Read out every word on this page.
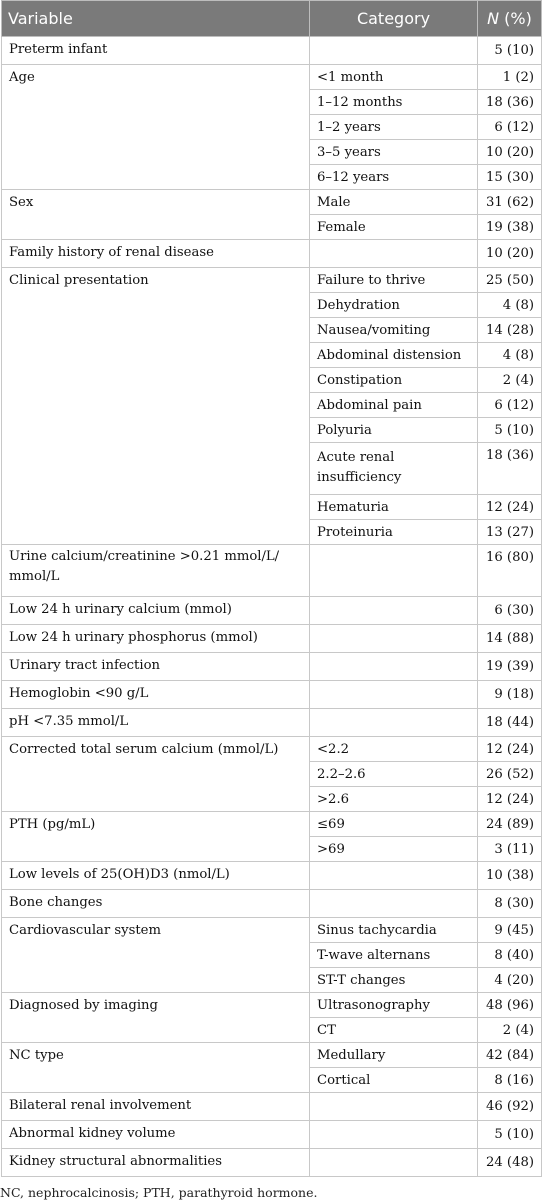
Variable	Category	N (%)
Preterm infant		5 (10)
Age	<1 month	1 (2)
	1–12 months	18 (36)
	1–2 years	6 (12)
	3–5 years	10 (20)
	6–12 years	15 (30)
Sex	Male	31 (62)
	Female	19 (38)
Family history of renal disease		10 (20)
Clinical presentation	Failure to thrive	25 (50)
	Dehydration	4 (8)
	Nausea/vomiting	14 (28)
	Abdominal distension	4 (8)
	Constipation	2 (4)
	Abdominal pain	6 (12)
	Polyuria	5 (10)
	Acute renal insufficiency	18 (36)
	Hematuria	12 (24)
	Proteinuria	13 (27)
Urine calcium/creatinine >0.21 mmol/L/ mmol/L		16 (80)
Low 24 h urinary calcium (mmol)		6 (30)
Low 24 h urinary phosphorus (mmol)		14 (88)
Urinary tract infection		19 (39)
Hemoglobin <90 g/L		9 (18)
pH <7.35 mmol/L		18 (44)
Corrected total serum calcium (mmol/L)	<2.2	12 (24)
	2.2–2.6	26 (52)
	>2.6	12 (24)
PTH (pg/mL)	≤69	24 (89)
	>69	3 (11)
Low levels of 25(OH)D3 (nmol/L)		10 (38)
Bone changes		8 (30)
Cardiovascular system	Sinus tachycardia	9 (45)
	T-wave alternans	8 (40)
	ST-T changes	4 (20)
Diagnosed by imaging	Ultrasonography	48 (96)
	CT	2 (4)
NC type	Medullary	42 (84)
	Cortical	8 (16)
Bilateral renal involvement		46 (92)
Abnormal kidney volume		5 (10)
Kidney structural abnormalities		24 (48)

NC, nephrocalcinosis; PTH, parathyroid hormone.
